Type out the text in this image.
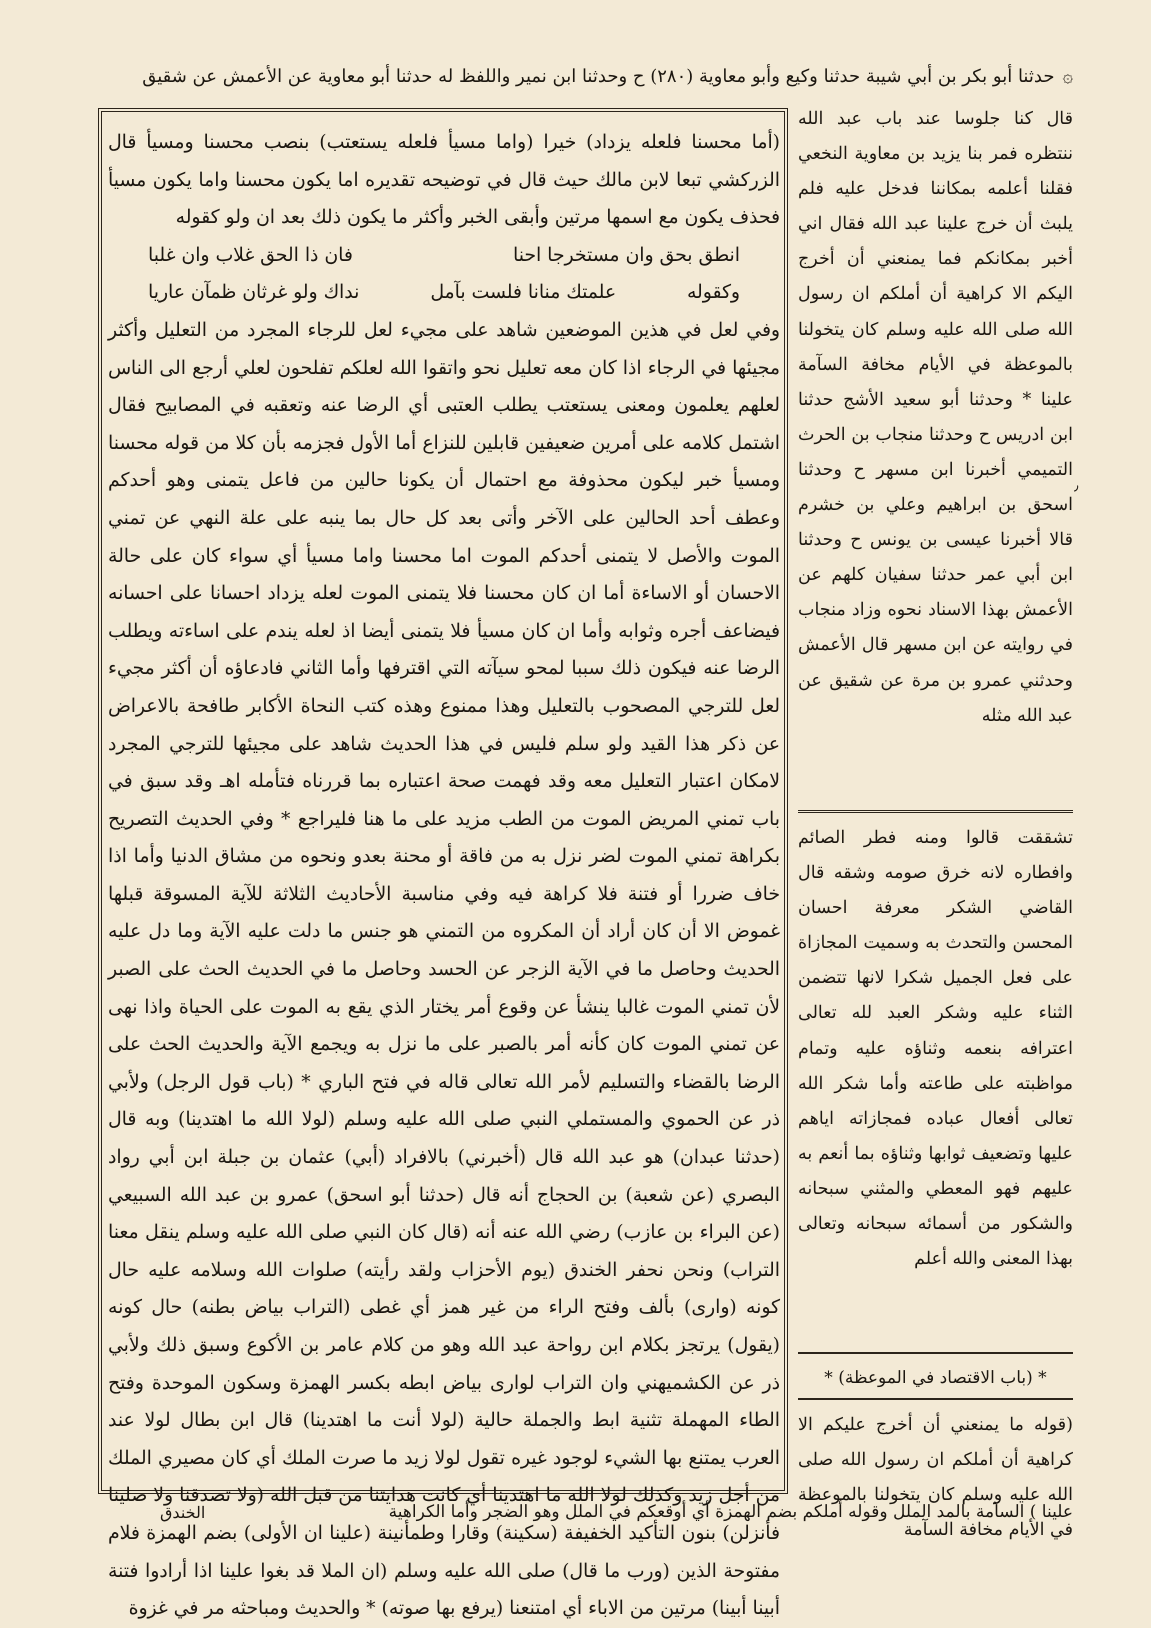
۞حدثنا أبو بكر بن أبي شيبة حدثنا وكيع وأبو معاوية (٢٨٠) ح وحدثنا ابن نمير واللفظ له حدثنا أبو معاوية عن الأعمش عن شقيق
قال كنا جلوسا عند باب عبد الله ننتظره فمر بنا يزيد بن معاوية النخعي فقلنا أعلمه بمكاننا فدخل عليه فلم يلبث أن خرج علينا عبد الله فقال اني أخبر بمكانكم فما يمنعني أن أخرج اليكم الا كراهية أن أملكم ان رسول الله صلى الله عليه وسلم كان يتخولنا بالموعظة في الأيام مخافة السآمة علينا * وحدثنا أبو سعيد الأشج حدثنا ابن ادريس ح وحدثنا منجاب بن الحرث التميمي أخبرنا ابن مسهر ح وحدثنا اسحق بن ابراهيم وعلي بن خشرم قالا أخبرنا عيسى بن يونس ح وحدثنا ابن أبي عمر حدثنا سفيان كلهم عن الأعمش بهذا الاسناد نحوه وزاد منجاب في روايته عن ابن مسهر قال الأعمش وحدثني عمرو بن مرة عن شقيق عن عبد الله مثله
تشققت قالوا ومنه فطر الصائم وافطاره لانه خرق صومه وشقه قال القاضي الشكر معرفة احسان المحسن والتحدث به وسميت المجازاة على فعل الجميل شكرا لانها تتضمن الثناء عليه وشكر العبد لله تعالى اعترافه بنعمه وثناؤه عليه وتمام مواظبته على طاعته وأما شكر الله تعالى أفعال عباده فمجازاته اياهم عليها وتضعيف ثوابها وثناؤه بما أنعم به عليهم فهو المعطي والمثني سبحانه والشكور من أسمائه سبحانه وتعالى بهذا المعنى والله أعلم
* (باب الاقتصاد في الموعظة) *
(قوله ما يمنعني أن أخرج عليكم الا كراهية أن أملكم ان رسول الله صلى الله عليه وسلم كان يتخولنا بالموعظة في الأيام مخافة السآمة

(أما محسنا فلعله يزداد) خيرا (واما مسيأ فلعله يستعتب) بنصب محسنا ومسيأ قال الزركشي تبعا لابن مالك حيث قال في توضيحه تقديره اما يكون محسنا واما يكون مسيأ فحذف يكون مع اسمها مرتين وأبقى الخبر وأكثر ما يكون ذلك بعد ان ولو كقوله

انطق بحق وان مستخرجا احنا
فان ذا الحق غلاب وان غلبا
وكقوله
علمتك منانا فلست بآمل
نداك ولو غرثان ظمآن عاريا

وفي لعل في هذين الموضعين شاهد على مجيء لعل للرجاء المجرد من التعليل وأكثر مجيئها في الرجاء اذا كان معه تعليل نحو واتقوا الله لعلكم تفلحون لعلي أرجع الى الناس لعلهم يعلمون ومعنى يستعتب يطلب العتبى أي الرضا عنه وتعقبه في المصابيح فقال اشتمل كلامه على أمرين ضعيفين قابلين للنزاع أما الأول فجزمه بأن كلا من قوله محسنا ومسيأ خبر ليكون محذوفة مع احتمال أن يكونا حالين من فاعل يتمنى وهو أحدكم وعطف أحد الحالين على الآخر وأتى بعد كل حال بما ينبه على علة النهي عن تمني الموت والأصل لا يتمنى أحدكم الموت اما محسنا واما مسيأ أي سواء كان على حالة الاحسان أو الاساءة أما ان كان محسنا فلا يتمنى الموت لعله يزداد احسانا على احسانه فيضاعف أجره وثوابه وأما ان كان مسيأ فلا يتمنى أيضا اذ لعله يندم على اساءته ويطلب الرضا عنه فيكون ذلك سببا لمحو سيآته التي اقترفها وأما الثاني فادعاؤه أن أكثر مجيء لعل للترجي المصحوب بالتعليل وهذا ممنوع وهذه كتب النحاة الأكابر طافحة بالاعراض عن ذكر هذا القيد ولو سلم فليس في هذا الحديث شاهد على مجيئها للترجي المجرد لامكان اعتبار التعليل معه وقد فهمت صحة اعتباره بما قررناه فتأمله اهـ وقد سبق في باب تمني المريض الموت من الطب مزيد على ما هنا فليراجع * وفي الحديث التصريح بكراهة تمني الموت لضر نزل به من فاقة أو محنة بعدو ونحوه من مشاق الدنيا وأما اذا خاف ضررا أو فتنة فلا كراهة فيه وفي مناسبة الأحاديث الثلاثة للآية المسوقة قبلها غموض الا أن كان أراد أن المكروه من التمني هو جنس ما دلت عليه الآية وما دل عليه الحديث وحاصل ما في الآية الزجر عن الحسد وحاصل ما في الحديث الحث على الصبر لأن تمني الموت غالبا ينشأ عن وقوع أمر يختار الذي يقع به الموت على الحياة واذا نهى عن تمني الموت كان كأنه أمر بالصبر على ما نزل به ويجمع الآية والحديث الحث على الرضا بالقضاء والتسليم لأمر الله تعالى قاله في فتح الباري * (باب قول الرجل) ولأبي ذر عن الحموي والمستملي النبي صلى الله عليه وسلم (لولا الله ما اهتدينا) وبه قال (حدثنا عبدان) هو عبد الله قال (أخبرني) بالافراد (أبي) عثمان بن جبلة ابن أبي رواد البصري (عن شعبة) بن الحجاج أنه قال (حدثنا أبو اسحق) عمرو بن عبد الله السبيعي (عن البراء بن عازب) رضي الله عنه أنه (قال كان النبي صلى الله عليه وسلم ينقل معنا التراب) ونحن نحفر الخندق (يوم الأحزاب ولقد رأيته) صلوات الله وسلامه عليه حال كونه (وارى) بألف وفتح الراء من غير همز أي غطى (التراب بياض بطنه) حال كونه (يقول) يرتجز بكلام ابن رواحة عبد الله وهو من كلام عامر بن الأكوع وسبق ذلك ولأبي ذر عن الكشميهني وان التراب لوارى بياض ابطه بكسر الهمزة وسكون الموحدة وفتح الطاء المهملة تثنية ابط والجملة حالية (لولا أنت ما اهتدينا) قال ابن بطال لولا عند العرب يمتنع بها الشيء لوجود غيره تقول لولا زيد ما صرت الملك أي كان مصيري الملك من أجل زيد وكذلك لولا الله ما اهتدينا أي كانت هدايتنا من قبل الله (ولا تصدقنا ولا صلينا فأنزلن) بنون التأكيد الخفيفة (سكينة) وقارا وطمأنينة (علينا ان الأولى) بضم الهمزة فلام مفتوحة الذين (ورب ما قال) صلى الله عليه وسلم (ان الملا قد بغوا علينا اذا أرادوا فتنة أبينا أبينا) مرتين من الاباء أي امتنعنا (يرفع بها صوته) * والحديث ومباحثه مر في غزوة

علينا ) السآمة بالمد الملل وقوله أملكم بضم الهمزة أي أوقعكم في الملل وهو الضجر وأما الكراهية
الخندق
٫
